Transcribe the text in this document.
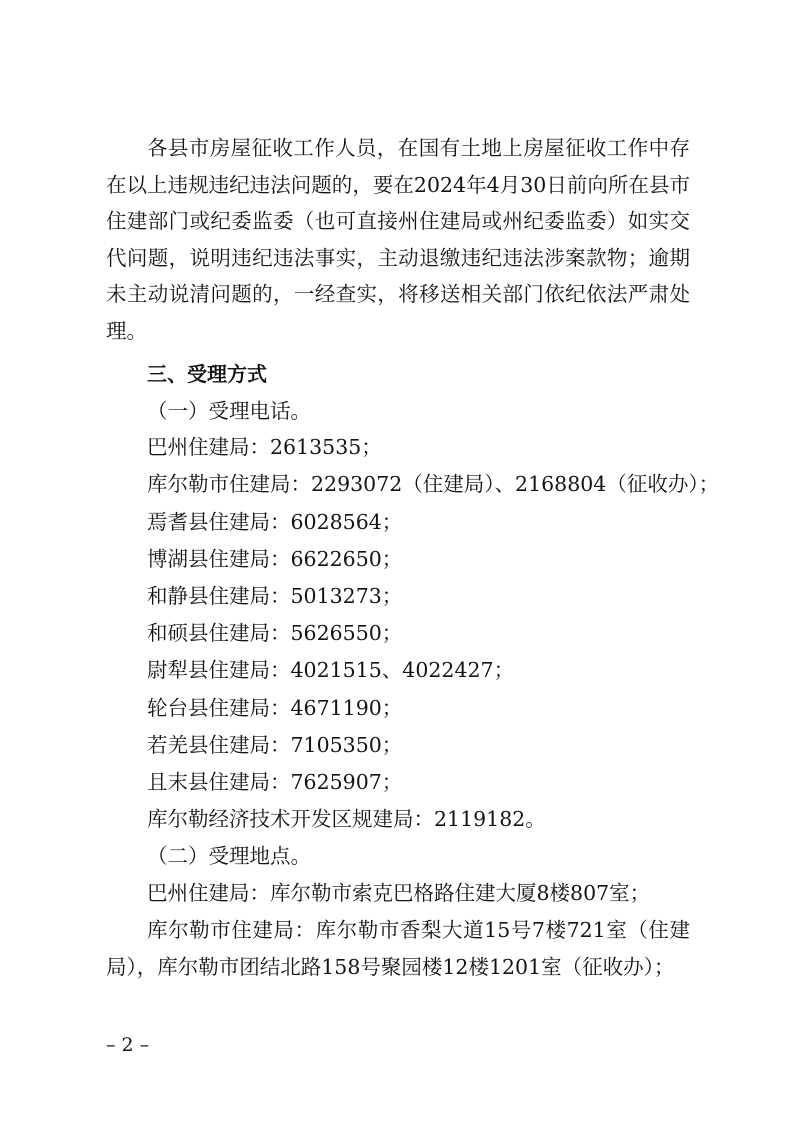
各县市房屋征收工作人员，在国有土地上房屋征收工作中存在以上违规违纪违法问题的，要在2024年4月30日前向所在县市住建部门或纪委监委（也可直接州住建局或州纪委监委）如实交代问题，说明违纪违法事实，主动退缴违纪违法涉案款物；逾期未主动说清问题的，一经查实，将移送相关部门依纪依法严肃处理。

三、受理方式

（一）受理电话。

巴州住建局：2613535；

库尔勒市住建局：2293072（住建局）、2168804（征收办）；

焉耆县住建局：6028564；

博湖县住建局：6622650；

和静县住建局：5013273；

和硕县住建局：5626550；

尉犁县住建局：4021515、4022427；

轮台县住建局：4671190；

若羌县住建局：7105350；

且末县住建局：7625907；

库尔勒经济技术开发区规建局：2119182。

（二）受理地点。

巴州住建局：库尔勒市索克巴格路住建大厦8楼807室；

库尔勒市住建局：库尔勒市香梨大道15号7楼721室（住建局），库尔勒市团结北路158号聚园楼12楼1201室（征收办）；

– 2 –
